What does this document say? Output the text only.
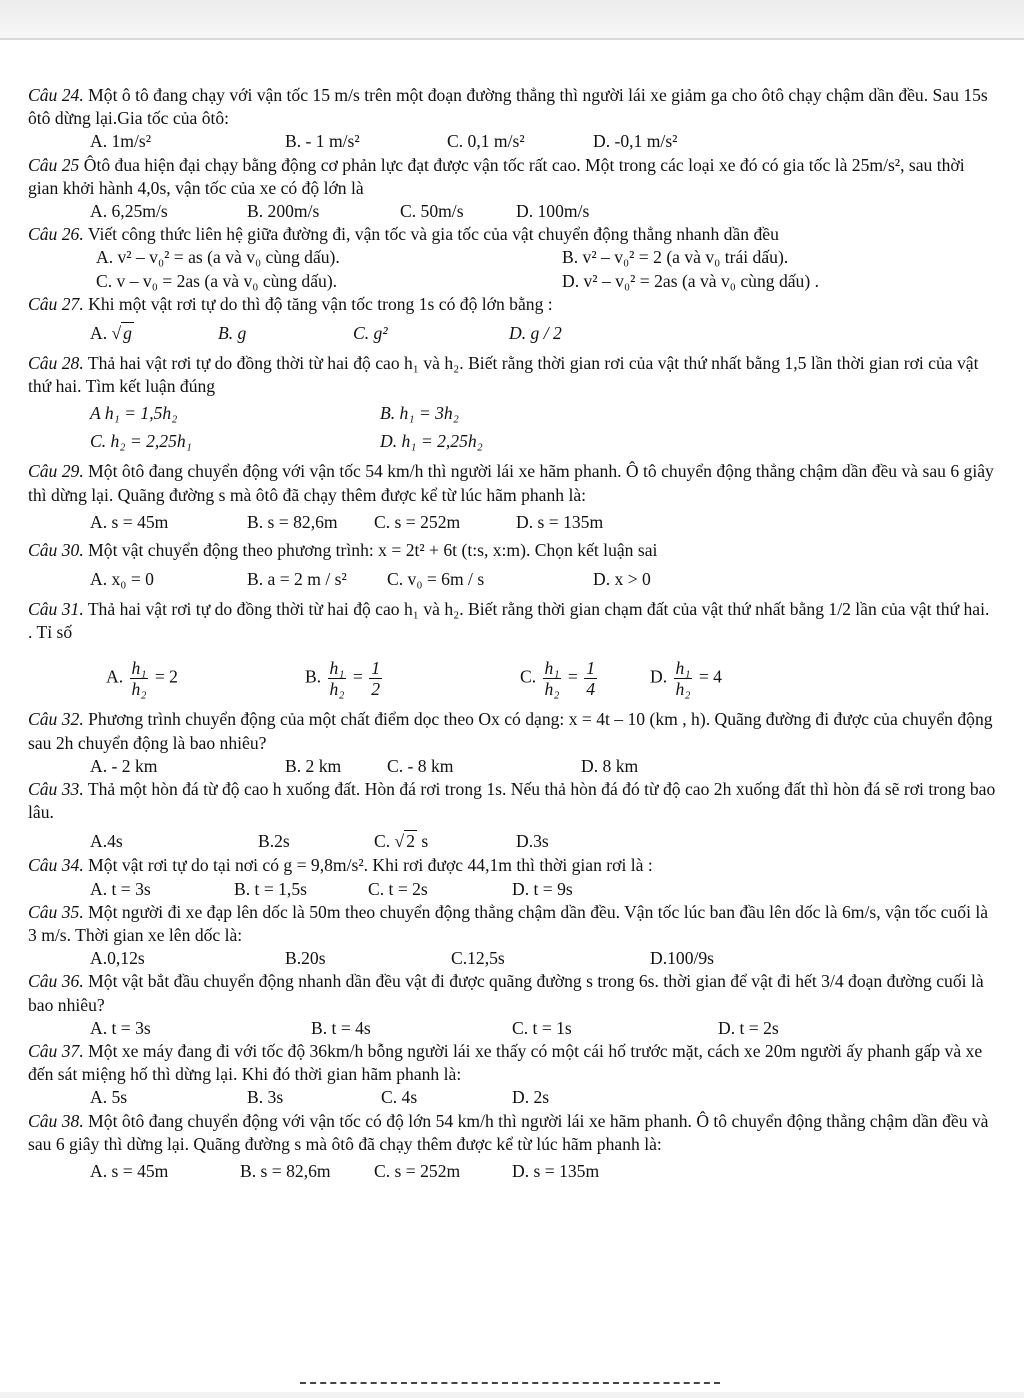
Câu 24. Một ô tô đang chạy với vận tốc 15 m/s trên một đoạn đường thẳng thì người lái xe giảm ga cho ôtô chạy chậm dần đều. Sau 15s ôtô dừng lại.Gia tốc của ôtô:

A. 1m/s²	B. - 1 m/s²	C. 0,1 m/s²	D. -0,1 m/s²

Câu 25 Ôtô đua hiện đại chạy bằng động cơ phản lực đạt được vận tốc rất cao. Một trong các loại xe đó có gia tốc là 25m/s², sau thời gian khởi hành 4,0s, vận tốc của xe có độ lớn là

A. 6,25m/s	B. 200m/s	C. 50m/s	D. 100m/s

Câu 26. Viết công thức liên hệ giữa đường đi, vận tốc và gia tốc của vật chuyển động thẳng nhanh dần đều

A. v² – v₀² = as (a và v₀ cùng dấu).	B. v² – v₀² = 2 (a và v₀ trái dấu).
C. v – v₀ = 2as (a và v₀ cùng dấu).	D. v² – v₀² = 2as (a và v₀ cùng dấu) .

Câu 27. Khi một vật rơi tự do thì độ tăng vận tốc trong 1s có độ lớn bằng :

A. √ g	B. g	C. g²	D. g / 2

Câu 28. Thả hai vật rơi tự do đồng thời từ hai độ cao h₁ và h₂. Biết rằng thời gian rơi của vật thứ nhất bằng 1,5 lần thời gian rơi của vật thứ hai. Tìm kết luận đúng

A h₁ = 1,5h₂	B. h₁ = 3h₂
C. h₂ = 2,25h₁	D. h₁ = 2,25h₂

Câu 29. Một ôtô đang chuyển động với vận tốc 54 km/h thì người lái xe hãm phanh. Ô tô chuyển động thẳng chậm dần đều và sau 6 giây thì dừng lại. Quãng đường s mà ôtô đã chạy thêm được kể từ lúc hãm phanh là:

A. s = 45m	B. s = 82,6m C. s = 252m	D. s = 135m

Câu 30. Một vật chuyển động theo phương trình: x = 2t² + 6t (t:s, x:m). Chọn kết luận sai

A. x₀ = 0	B. a = 2 m / s² C. v₀ = 6m / s	D. x > 0

Câu 31. Thả hai vật rơi tự do đồng thời từ hai độ cao h₁ và h₂. Biết rằng thời gian chạm đất của vật thứ nhất bằng 1/2 lần của vật thứ hai. . Tỉ số

A. $\frac{\text{h₁}}{\text{h₂}} = 2$	B. $\frac{\text{h₁}}{\text{h₂}} = \frac{1}{2}$	C. $\frac{\text{h₁}}{\text{h₂}} = \frac{1}{4}$	D. $\frac{\text{h₁}}{\text{h₂}} = 4$

Câu 32. Phương trình chuyển động của một chất điểm dọc theo Ox có dạng: x = 4t – 10 (km , h). Quãng đường đi được của chuyển động sau 2h chuyển động là bao nhiêu?

A. - 2 km	B. 2 km	C. - 8 km	D. 8 km

Câu 33. Thả một hòn đá từ độ cao h xuống đất. Hòn đá rơi trong 1s. Nếu thả hòn đá đó từ độ cao 2h xuống đất thì hòn đá sẽ rơi trong bao lâu.

A.4s	B.2s	C. √ 2 s	D.3s

Câu 34. Một vật rơi tự do tại nơi có g = 9,8m/s². Khi rơi được 44,1m thì thời gian rơi là :

A. t = 3s	B. t = 1,5s	C. t = 2s	D. t = 9s

Câu 35. Một người đi xe đạp lên dốc là 50m theo chuyển động thẳng chậm dần đều. Vận tốc lúc ban đầu lên dốc là 6m/s, vận tốc cuối là 3 m/s. Thời gian xe lên dốc là:

A.0,12s	B.20s	C.12,5s	D.100/9s

Câu 36. Một vật bắt đầu chuyển động nhanh dần đều vật đi được quãng đường s trong 6s. thời gian để vật đi hết 3/4 đoạn đường cuối là bao nhiêu?

A. t = 3s	B. t = 4s	C. t = 1s	D. t = 2s

Câu 37. Một xe máy đang đi với tốc độ 36km/h bỗng người lái xe thấy có một cái hố trước mặt, cách xe 20m người ấy phanh gấp và xe đến sát miệng hố thì dừng lại. Khi đó thời gian hãm phanh là:

A. 5s	B. 3s	C. 4s	D. 2s

Câu 38. Một ôtô đang chuyển động với vận tốc có độ lớn 54 km/h thì người lái xe hãm phanh. Ô tô chuyển động thẳng chậm dần đều và sau 6 giây thì dừng lại. Quãng đường s mà ôtô đã chạy thêm được kể từ lúc hãm phanh là:

A. s = 45m	B. s = 82,6m C. s = 252m	D. s = 135m
